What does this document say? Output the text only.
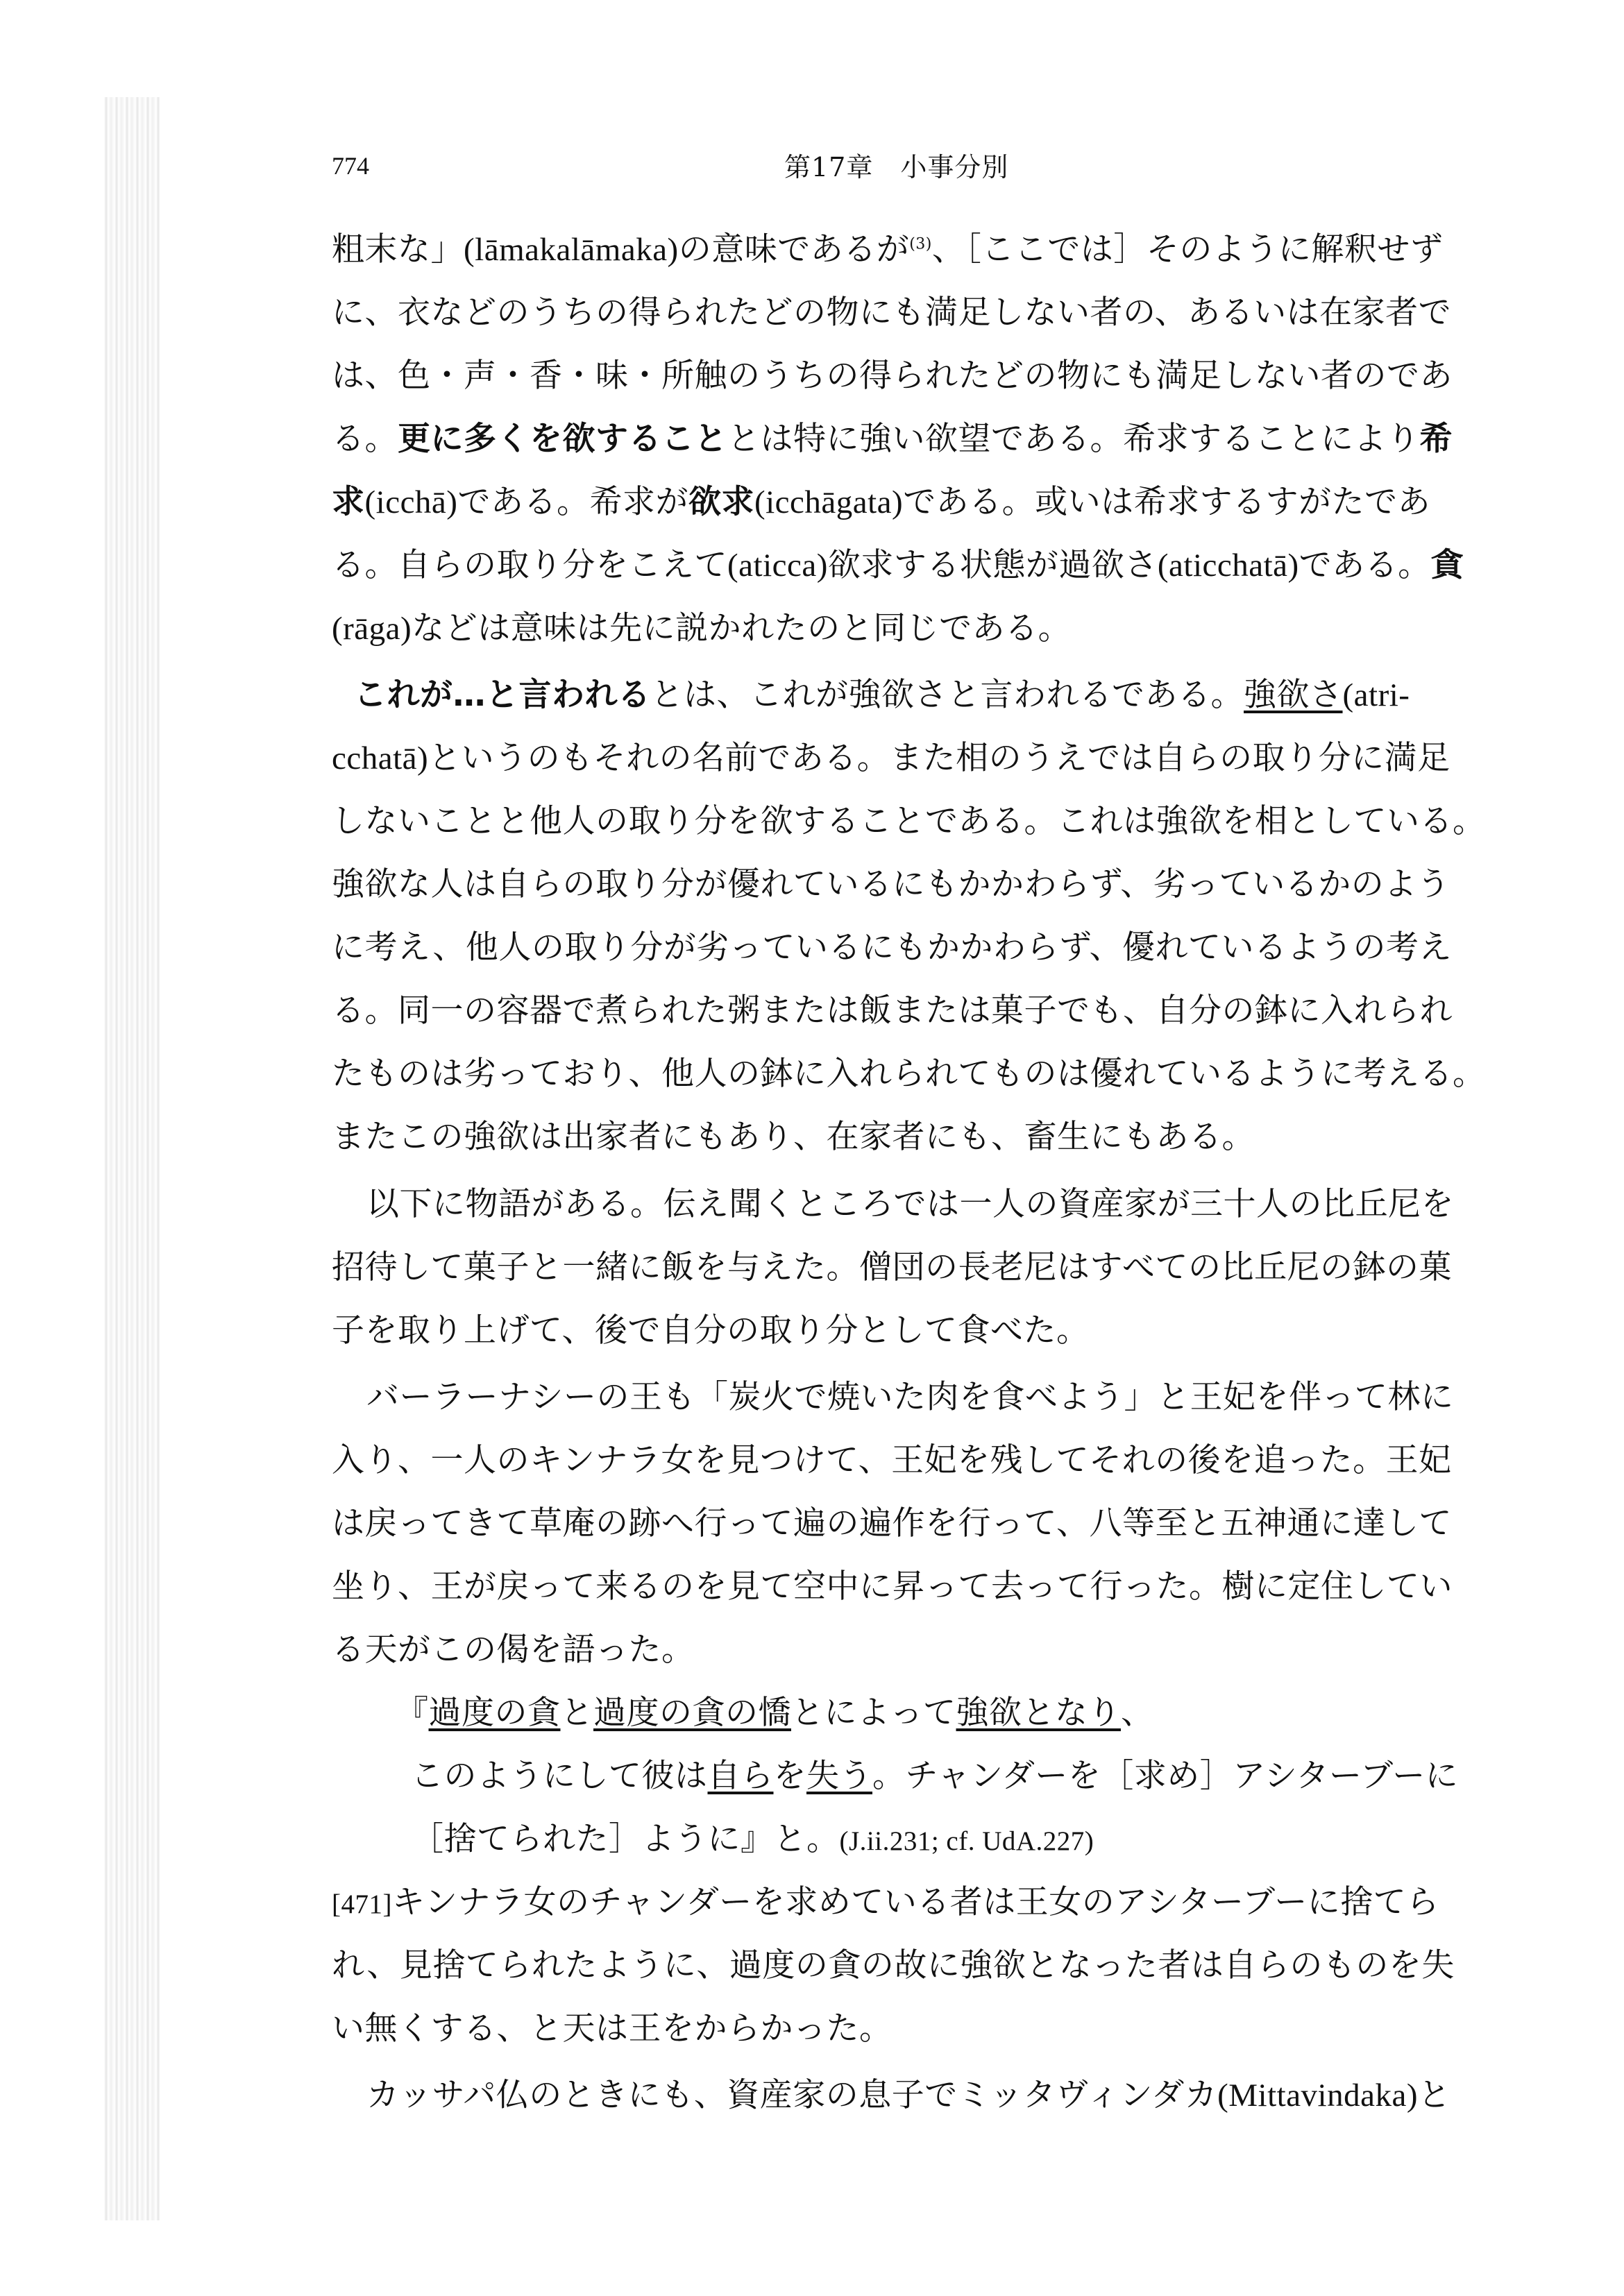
774	第17章　小事分別
粗末な」(lāmakalāmaka)の意味であるが$^{(3)}$、［ここでは］そのように解釈せず
に、衣などのうちの得られたどの物にも満足しない者の、あるいは在家者で
は、色・声・香・味・所触のうちの得られたどの物にも満足しない者のであ
る。更に多くを欲することとは特に強い欲望である。希求することにより希
求(icchā)である。希求が欲求(icchāgata)である。或いは希求するすがたであ
る。自らの取り分をこえて(aticca)欲求する状態が過欲さ(aticchatā)である。貪
(rāga)などは意味は先に説かれたのと同じである。
これが…と言われるとは、これが強欲さと言われるである。強欲さ(atri-
cchatā)というのもそれの名前である。また相のうえでは自らの取り分に満足
しないことと他人の取り分を欲することである。これは強欲を相としている。
強欲な人は自らの取り分が優れているにもかかわらず、劣っているかのよう
に考え、他人の取り分が劣っているにもかかわらず、優れているようの考え
る。同一の容器で煮られた粥または飯または菓子でも、自分の鉢に入れられ
たものは劣っており、他人の鉢に入れられてものは優れているように考える。
またこの強欲は出家者にもあり、在家者にも、畜生にもある。
以下に物語がある。伝え聞くところでは一人の資産家が三十人の比丘尼を
招待して菓子と一緒に飯を与えた。僧団の長老尼はすべての比丘尼の鉢の菓
子を取り上げて、後で自分の取り分として食べた。
バーラーナシーの王も「炭火で焼いた肉を食べよう」と王妃を伴って林に
入り、一人のキンナラ女を見つけて、王妃を残してそれの後を追った。王妃
は戻ってきて草庵の跡へ行って遍の遍作を行って、八等至と五神通に達して
坐り、王が戻って来るのを見て空中に昇って去って行った。樹に定住してい
る天がこの偈を語った。
『過度の貪と過度の貪の憍とによって強欲となり、
このようにして彼は自らを失う。チャンダーを［求め］アシターブーに
［捨てられた］ように』と。(J.ii.231; cf. UdA.227)
[471]キンナラ女のチャンダーを求めている者は王女のアシターブーに捨てら
れ、見捨てられたように、過度の貪の故に強欲となった者は自らのものを失
い無くする、と天は王をからかった。
カッサパ仏のときにも、資産家の息子でミッタヴィンダカ(Mittavindaka)と
